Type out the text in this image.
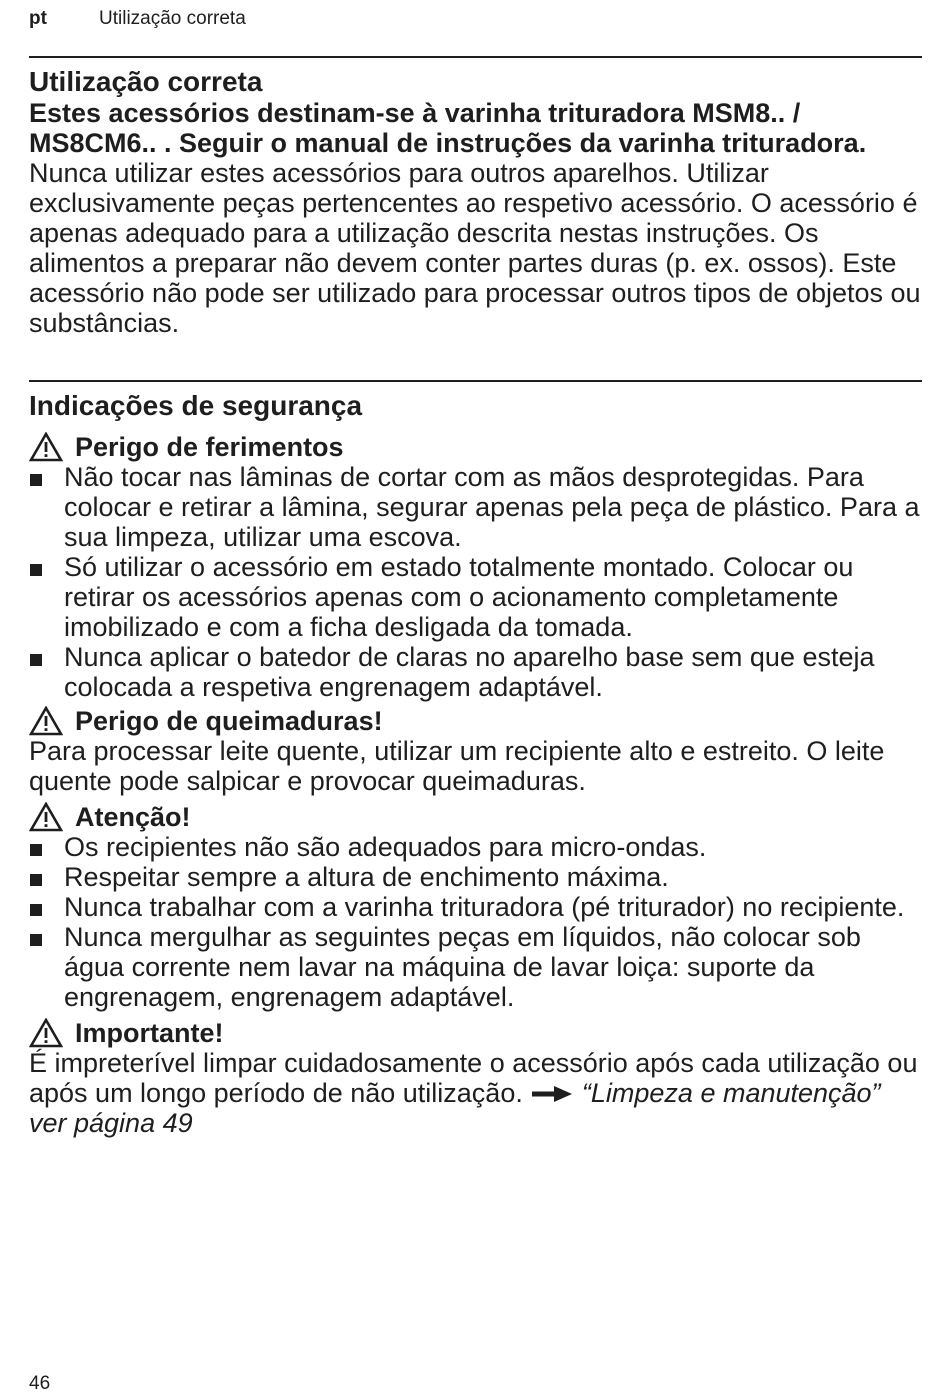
pt	Utilização correta
Utilização correta

Estes acessórios destinam-se à varinha trituradora MSM8.. / MS8CM6.. . Seguir o manual de instruções da varinha trituradora.

Nunca utilizar estes acessórios para outros aparelhos. Utilizar exclusivamente peças pertencentes ao respetivo acessório. O acessório é apenas adequado para a utilização descrita nestas instruções. Os alimentos a preparar não devem conter partes duras (p. ex. ossos). Este acessório não pode ser utilizado para processar outros tipos de objetos ou substâncias.

Indicações de segurança
Perigo de ferimentos
Não tocar nas lâminas de cortar com as mãos desprotegidas. Para colocar e retirar a lâmina, segurar apenas pela peça de plástico. Para a sua limpeza, utilizar uma escova.
Só utilizar o acessório em estado totalmente montado. Colocar ou retirar os acessórios apenas com o acionamento completamente imobilizado e com a ficha desligada da tomada.
Nunca aplicar o batedor de claras no aparelho base sem que esteja colocada a respetiva engrenagem adaptável.
Perigo de queimaduras!

Para processar leite quente, utilizar um recipiente alto e estreito. O leite quente pode salpicar e provocar queimaduras.

Atenção!
Os recipientes não são adequados para micro-ondas.
Respeitar sempre a altura de enchimento máxima.
Nunca trabalhar com a varinha trituradora (pé triturador) no recipiente.
Nunca mergulhar as seguintes peças em líquidos, não colocar sob água corrente nem lavar na máquina de lavar loiça: suporte da engrenagem, engrenagem adaptável.
Importante!

É impreterível limpar cuidadosamente o acessório após cada utilização ou após um longo período de não utilização. “Limpeza e manutenção” ver página 49

46
